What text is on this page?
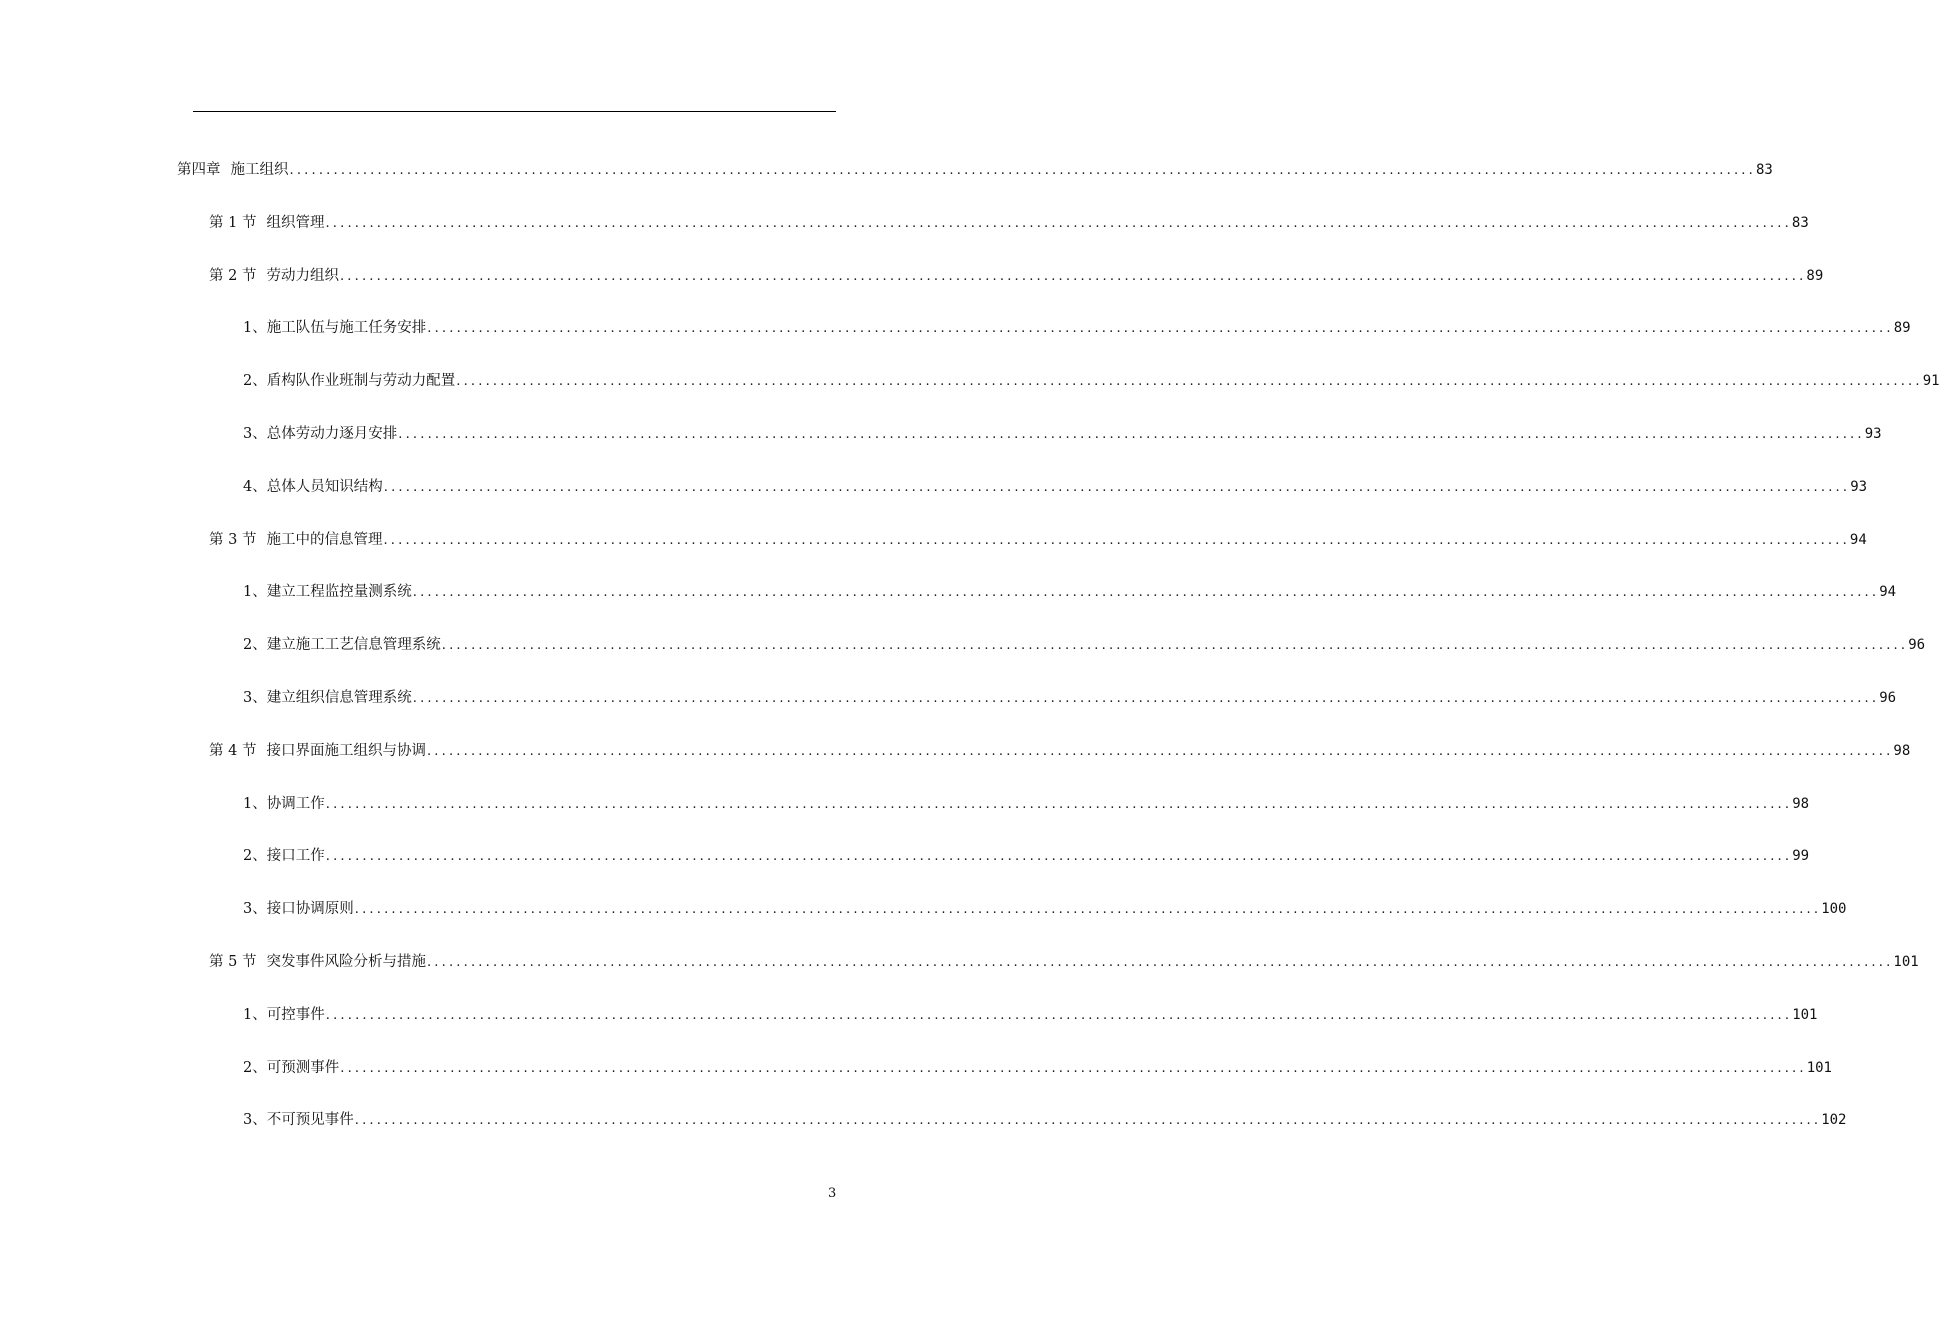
第四章 施工组织 ........................................................................................................................................................................................................ 83
第 1 节 组织管理 ........................................................................................................................................................................................................ 83
第 2 节 劳动力组织 ........................................................................................................................................................................................................ 89
1、 施工队伍与施工任务安排 ........................................................................................................................................................................................................ 89
2、 盾构队作业班制与劳动力配置 ........................................................................................................................................................................................................ 91
3、 总体劳动力逐月安排 ........................................................................................................................................................................................................ 93
4、 总体人员知识结构 ........................................................................................................................................................................................................ 93
第 3 节 施工中的信息管理 ........................................................................................................................................................................................................ 94
1、 建立工程监控量测系统 ........................................................................................................................................................................................................ 94
2、 建立施工工艺信息管理系统 ........................................................................................................................................................................................................ 96
3、 建立组织信息管理系统 ........................................................................................................................................................................................................ 96
第 4 节 接口界面施工组织与协调 ........................................................................................................................................................................................................ 98
1、 协调工作 ........................................................................................................................................................................................................ 98
2、 接口工作 ........................................................................................................................................................................................................ 99
3、 接口协调原则 ........................................................................................................................................................................................................ 100
第 5 节 突发事件风险分析与措施 ........................................................................................................................................................................................................ 101
1、 可控事件 ........................................................................................................................................................................................................ 101
2、 可预测事件 ........................................................................................................................................................................................................ 101
3、 不可预见事件 ........................................................................................................................................................................................................ 102
3
